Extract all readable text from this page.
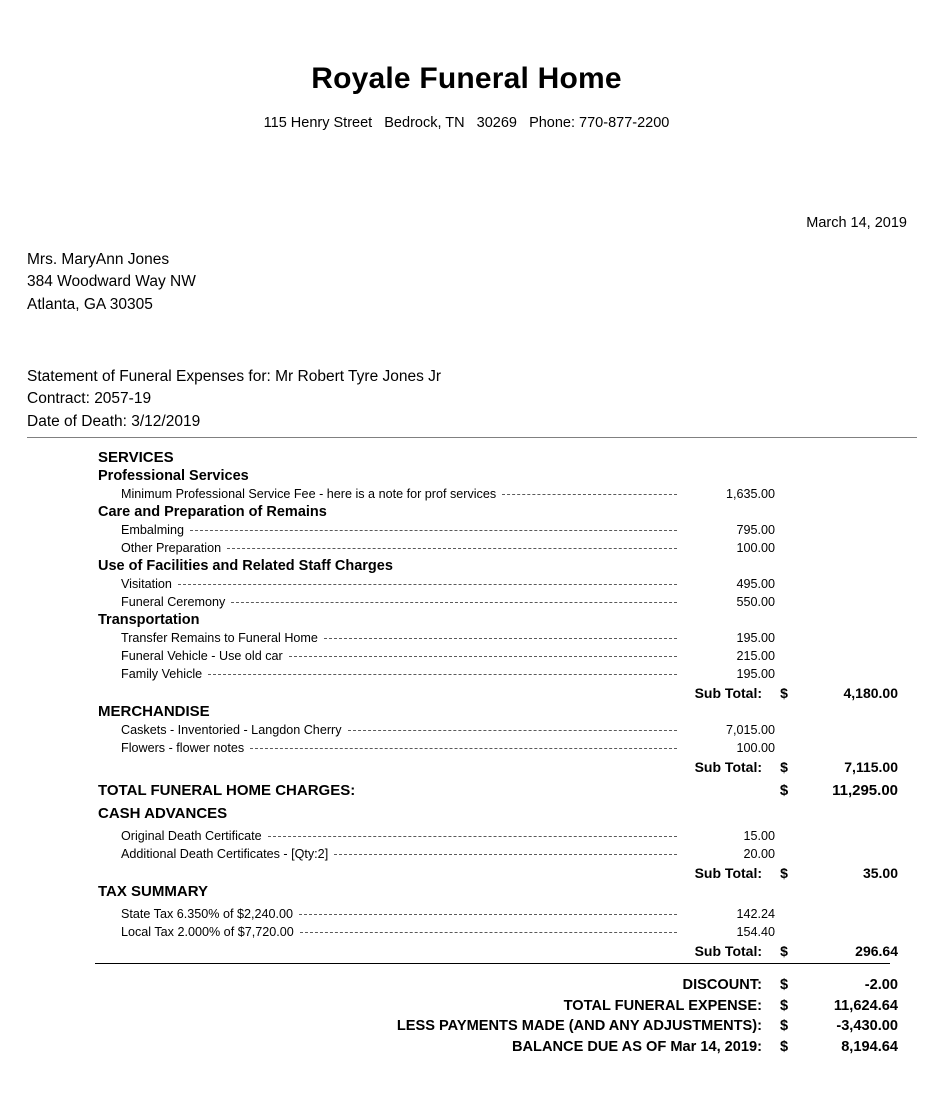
Royale Funeral Home
115 Henry Street   Bedrock, TN   30269   Phone: 770-877-2200
March 14, 2019
Mrs. MaryAnn Jones
384 Woodward Way NW
Atlanta, GA 30305
Statement of Funeral Expenses for: Mr Robert Tyre Jones Jr
Contract: 2057-19
Date of Death: 3/12/2019
SERVICES
Professional Services
Minimum Professional Service Fee - here is a note for prof services	1,635.00
Care and Preparation of Remains
Embalming	795.00
Other Preparation	100.00
Use of Facilities and Related Staff Charges
Visitation	495.00
Funeral Ceremony	550.00
Transportation
Transfer Remains to Funeral Home	195.00
Funeral Vehicle - Use old car	215.00
Family Vehicle	195.00
Sub Total:	$	4,180.00
MERCHANDISE
Caskets - Inventoried - Langdon Cherry	7,015.00
Flowers - flower notes	100.00
Sub Total:	$	7,115.00
TOTAL FUNERAL HOME CHARGES:	$	11,295.00
CASH ADVANCES
Original Death Certificate	15.00
Additional Death Certificates - [Qty:2]	20.00
Sub Total:	$	35.00
TAX SUMMARY
State Tax 6.350% of $2,240.00	142.24
Local Tax 2.000% of $7,720.00	154.40
Sub Total:	$	296.64
DISCOUNT:	$	-2.00
TOTAL FUNERAL EXPENSE:	$	11,624.64
LESS PAYMENTS MADE (AND ANY ADJUSTMENTS):	$	-3,430.00
BALANCE DUE AS OF Mar 14, 2019:	$	8,194.64
